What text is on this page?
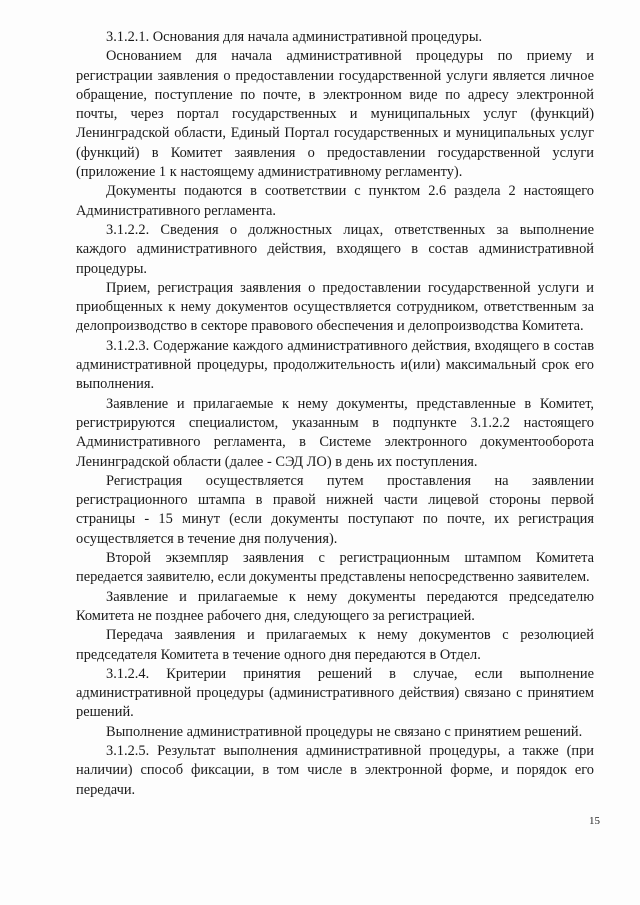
3.1.2.1. Основания для начала административной процедуры.

Основанием для начала административной процедуры по приему и регистрации заявления о предоставлении государственной услуги является личное обращение, поступление по почте, в электронном виде по адресу электронной почты, через портал государственных и муниципальных услуг (функций) Ленинградской области, Единый Портал государственных и муниципальных услуг (функций) в Комитет заявления о предоставлении государственной услуги (приложение 1 к настоящему административному регламенту).

Документы подаются в соответствии с пунктом 2.6 раздела 2 настоящего Административного регламента.

3.1.2.2. Сведения о должностных лицах, ответственных за выполнение каждого административного действия, входящего в состав административной процедуры.

Прием, регистрация заявления о предоставлении государственной услуги и приобщенных к нему документов осуществляется сотрудником, ответственным за делопроизводство в секторе правового обеспечения и делопроизводства Комитета.

3.1.2.3. Содержание каждого административного действия, входящего в состав административной процедуры, продолжительность и(или) максимальный срок его выполнения.

Заявление и прилагаемые к нему документы, представленные в Комитет, регистрируются специалистом, указанным в подпункте 3.1.2.2 настоящего Административного регламента, в Системе электронного документооборота Ленинградской области (далее - СЭД ЛО) в день их поступления.

Регистрация осуществляется путем проставления на заявлении регистрационного штампа в правой нижней части лицевой стороны первой страницы - 15 минут (если документы поступают по почте, их регистрация осуществляется в течение дня получения).

Второй экземпляр заявления с регистрационным штампом Комитета передается заявителю, если документы представлены непосредственно заявителем.

Заявление и прилагаемые к нему документы передаются председателю Комитета не позднее рабочего дня, следующего за регистрацией.

Передача заявления и прилагаемых к нему документов с резолюцией председателя Комитета в течение одного дня передаются в Отдел.

3.1.2.4. Критерии принятия решений в случае, если выполнение административной процедуры (административного действия) связано с принятием решений.

Выполнение административной процедуры не связано с принятием решений.

3.1.2.5. Результат выполнения административной процедуры, а также (при наличии) способ фиксации, в том числе в электронной форме, и порядок его передачи.

15
